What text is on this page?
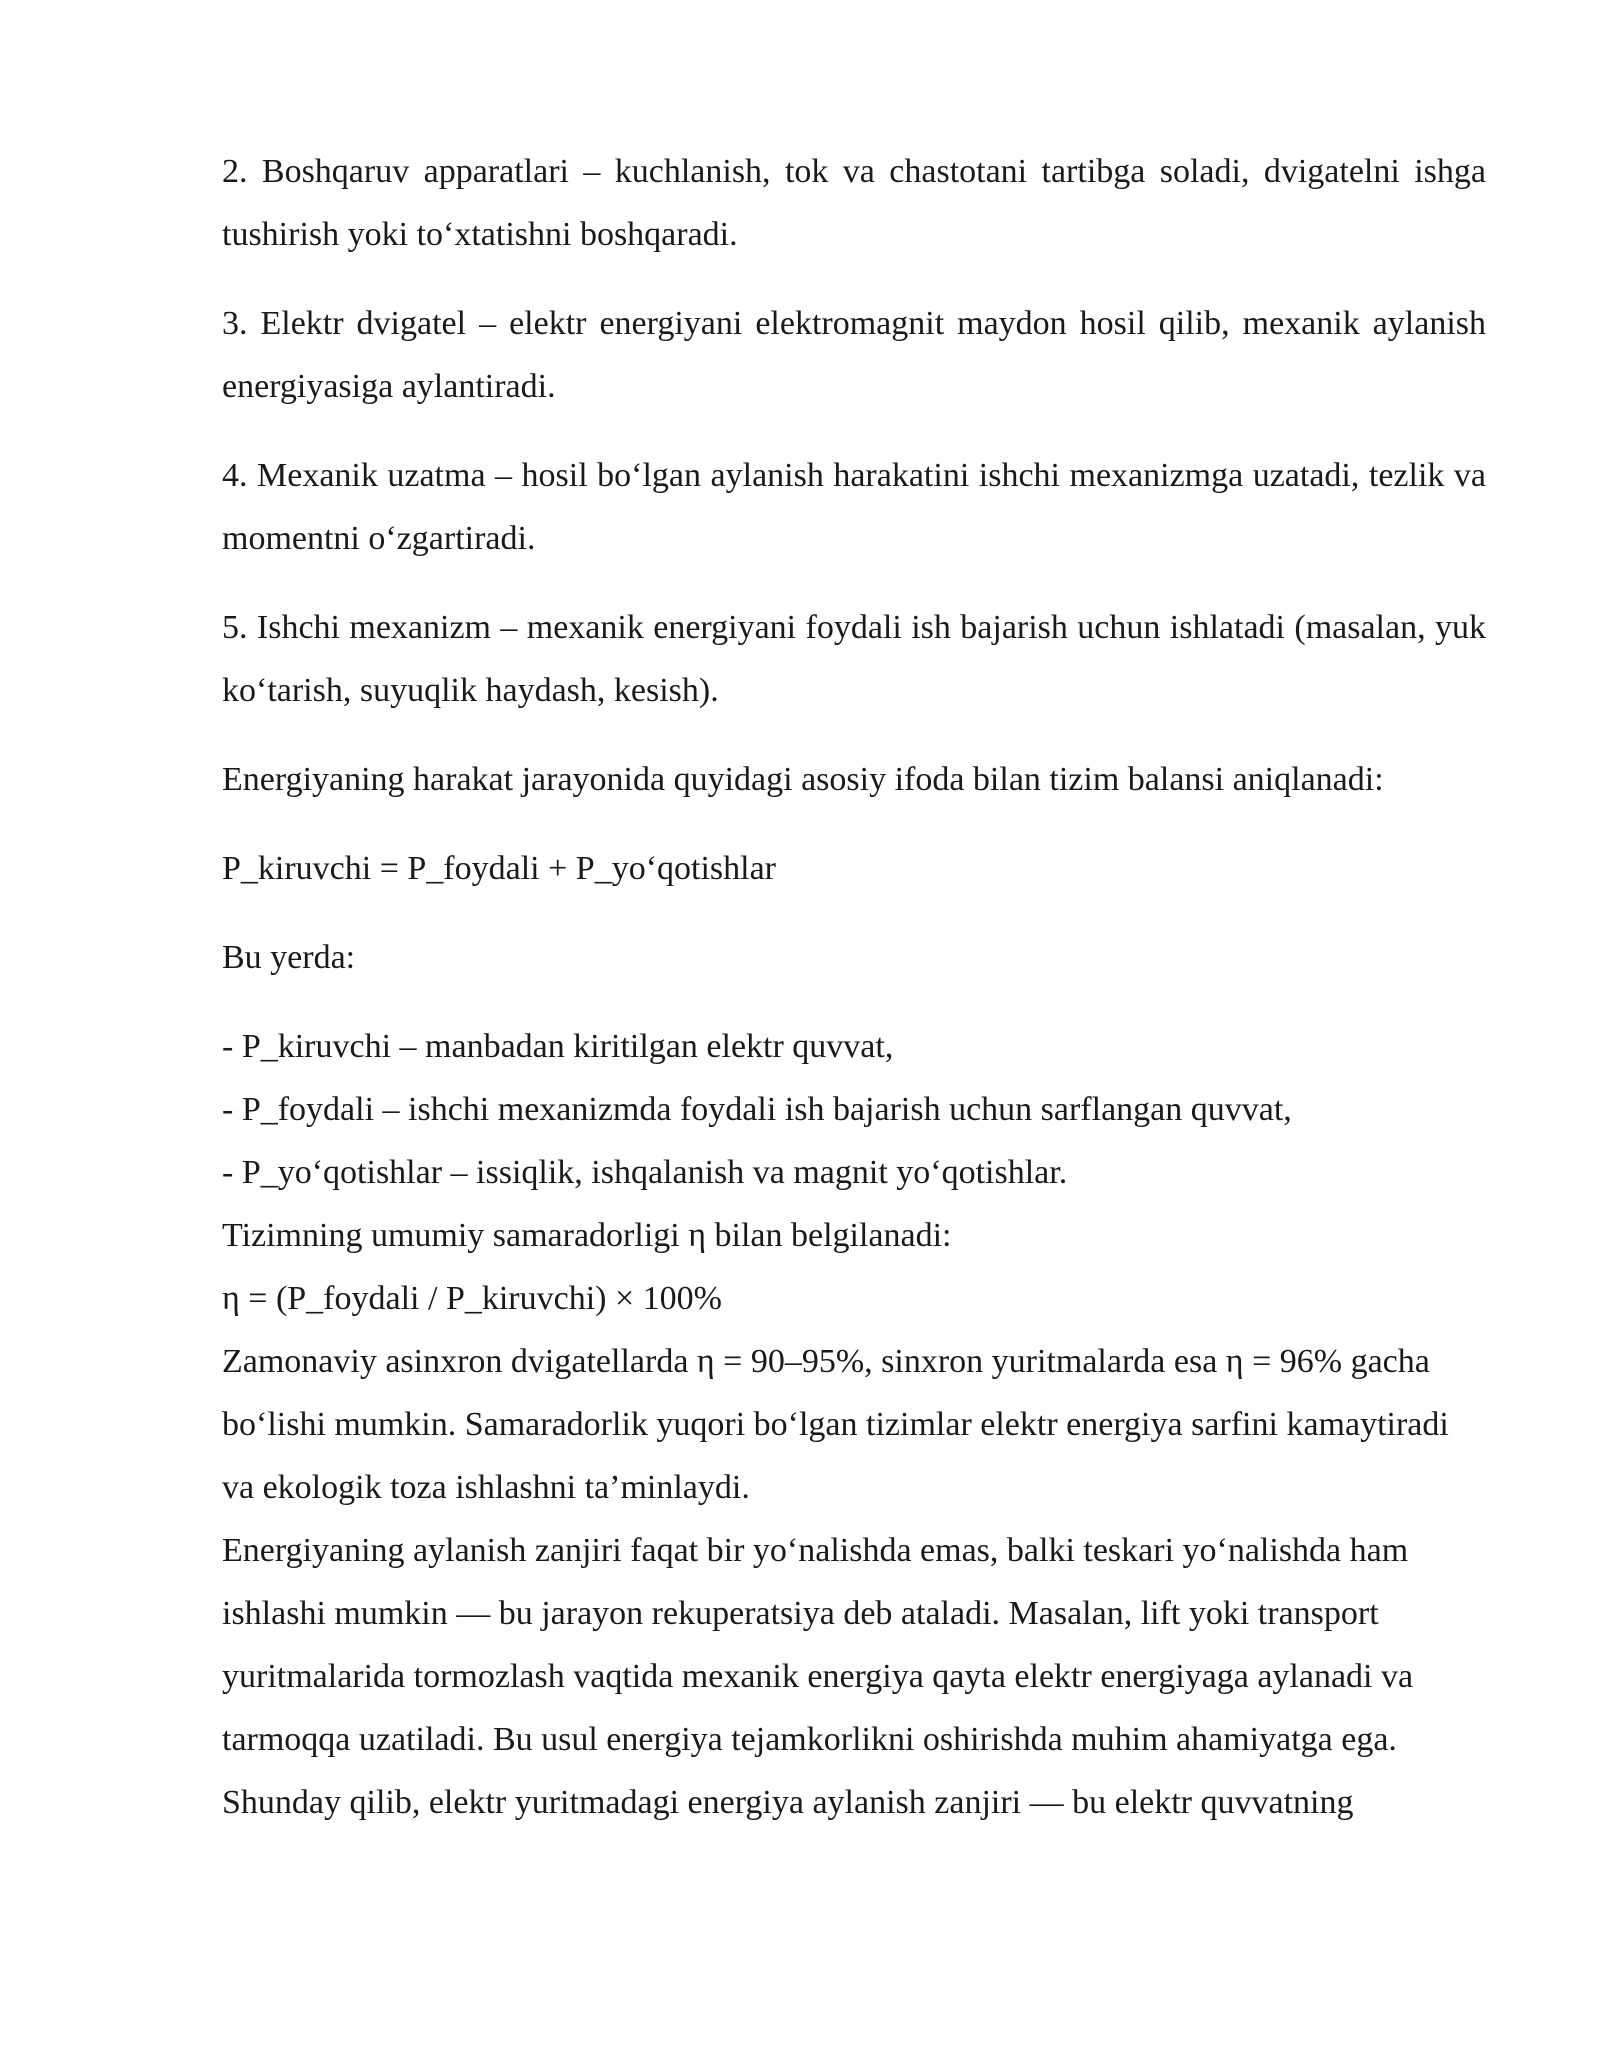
2. Boshqaruv apparatlari – kuchlanish, tok va chastotani tartibga soladi, dvigatelni ishga tushirish yoki to‘xtatishni boshqaradi.

3. Elektr dvigatel – elektr energiyani elektromagnit maydon hosil qilib, mexanik aylanish energiyasiga aylantiradi.

4. Mexanik uzatma – hosil bo‘lgan aylanish harakatini ishchi mexanizmga uzatadi, tezlik va momentni o‘zgartiradi.

5. Ishchi mexanizm – mexanik energiyani foydali ish bajarish uchun ishlatadi (masalan, yuk ko‘tarish, suyuqlik haydash, kesish).

Energiyaning harakat jarayonida quyidagi asosiy ifoda bilan tizim balansi aniqlanadi:

P_kiruvchi = P_foydali + P_yo‘qotishlar

Bu yerda:

- P_kiruvchi – manbadan kiritilgan elektr quvvat,

- P_foydali – ishchi mexanizmda foydali ish bajarish uchun sarflangan quvvat,

- P_yo‘qotishlar – issiqlik, ishqalanish va magnit yo‘qotishlar.

Tizimning umumiy samaradorligi η bilan belgilanadi:

η = (P_foydali / P_kiruvchi) × 100%

Zamonaviy asinxron dvigatellarda η = 90–95%, sinxron yuritmalarda esa η = 96% gacha bo‘lishi mumkin. Samaradorlik yuqori bo‘lgan tizimlar elektr energiya sarfini kamaytiradi va ekologik toza ishlashni ta’minlaydi.

Energiyaning aylanish zanjiri faqat bir yo‘nalishda emas, balki teskari yo‘nalishda ham ishlashi mumkin — bu jarayon rekuperatsiya deb ataladi. Masalan, lift yoki transport yuritmalarida tormozlash vaqtida mexanik energiya qayta elektr energiyaga aylanadi va tarmoqqa uzatiladi. Bu usul energiya tejamkorlikni oshirishda muhim ahamiyatga ega.

Shunday qilib, elektr yuritmadagi energiya aylanish zanjiri — bu elektr quvvatning
